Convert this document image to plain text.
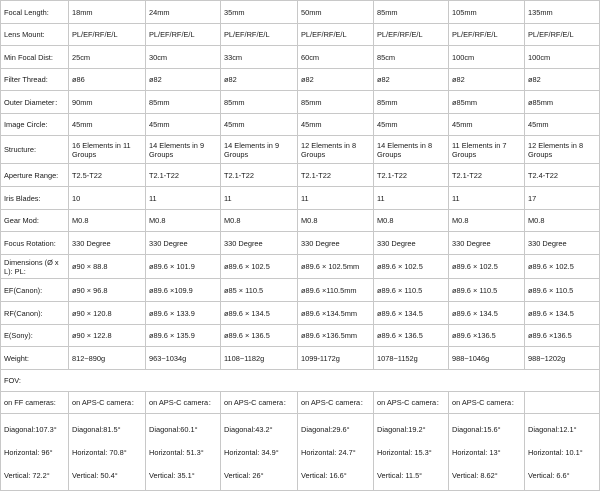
Focal Length:	18mm	24mm	35mm	50mm	85mm	105mm	135mm
Lens Mount:	PL/EF/RF/E/L	PL/EF/RF/E/L	PL/EF/RF/E/L	PL/EF/RF/E/L	PL/EF/RF/E/L	PL/EF/RF/E/L	PL/EF/RF/E/L
Min Focal Dist:	25cm	30cm	33cm	60cm	85cm	100cm	100cm
Filter Thread:	ø86	ø82	ø82	ø82	ø82	ø82	ø82
Outer Diameter：	90mm	85mm	85mm	85mm	85mm	ø85mm	ø85mm
Image Circle:	45mm	45mm	45mm	45mm	45mm	45mm	45mm
Structure:	16 Elements in 11 Groups	14 Elements in 9 Groups	14 Elements in 9 Groups	12 Elements in 8 Groups	14 Elements in 8 Groups	11 Elements in 7 Groups	12 Elements in 8 Groups
Aperture Range:	T2.5-T22	T2.1-T22	T2.1-T22	T2.1-T22	T2.1-T22	T2.1-T22	T2.4-T22
Iris Blades:	10	11	11	11	11	11	17
Gear Mod:	M0.8	M0.8	M0.8	M0.8	M0.8	M0.8	M0.8
Focus Rotation:	330 Degree	330 Degree	330 Degree	330 Degree	330 Degree	330 Degree	330 Degree
Dimensions (Ø x L): PL:	ø90 × 88.8	ø89.6 × 101.9	ø89.6 × 102.5	ø89.6 × 102.5mm	ø89.6 × 102.5	ø89.6 × 102.5	ø89.6 × 102.5
EF(Canon):	ø90 × 96.8	ø89.6 ×109.9	ø85 × 110.5	ø89.6 ×110.5mm	ø89.6 × 110.5	ø89.6 × 110.5	ø89.6 × 110.5
RF(Canon):	ø90 × 120.8	ø89.6 × 133.9	ø89.6 × 134.5	ø89.6 ×134.5mm	ø89.6 × 134.5	ø89.6 × 134.5	ø89.6 × 134.5
E(Sony):	ø90 × 122.8	ø89.6 × 135.9	ø89.6 × 136.5	ø89.6 ×136.5mm	ø89.6 × 136.5	ø89.6 ×136.5	ø89.6 ×136.5
Weight:	812~890g	963~1034g	1108~1182g	1099-1172g	1078~1152g	988~1046g	988~1202g
FOV:							
on FF cameras:	on APS-C camera：	on APS-C camera：	on APS-C camera：	on APS-C camera：	on APS-C camera：	on APS-C camera：	

Diagonal:107.3°
Horizontal: 96°
Vertical: 72.2°	Diagonal:81.5°
Horizontal: 70.8°
Vertical: 50.4°	Diagonal:60.1°
Horizontal: 51.3°
Vertical: 35.1°	Diagonal:43.2°
Horizontal: 34.9°
Vertical: 26°	Diagonal:29.6°
Horizontal: 24.7°
Vertical: 16.6°	Diagonal:19.2°
Horizontal: 15.3°
Vertical: 11.5°	Diagonal:15.6°
Horizontal: 13°
Vertical: 8.62°	Diagonal:12.1°
Horizontal: 10.1°
Vertical: 6.6°
